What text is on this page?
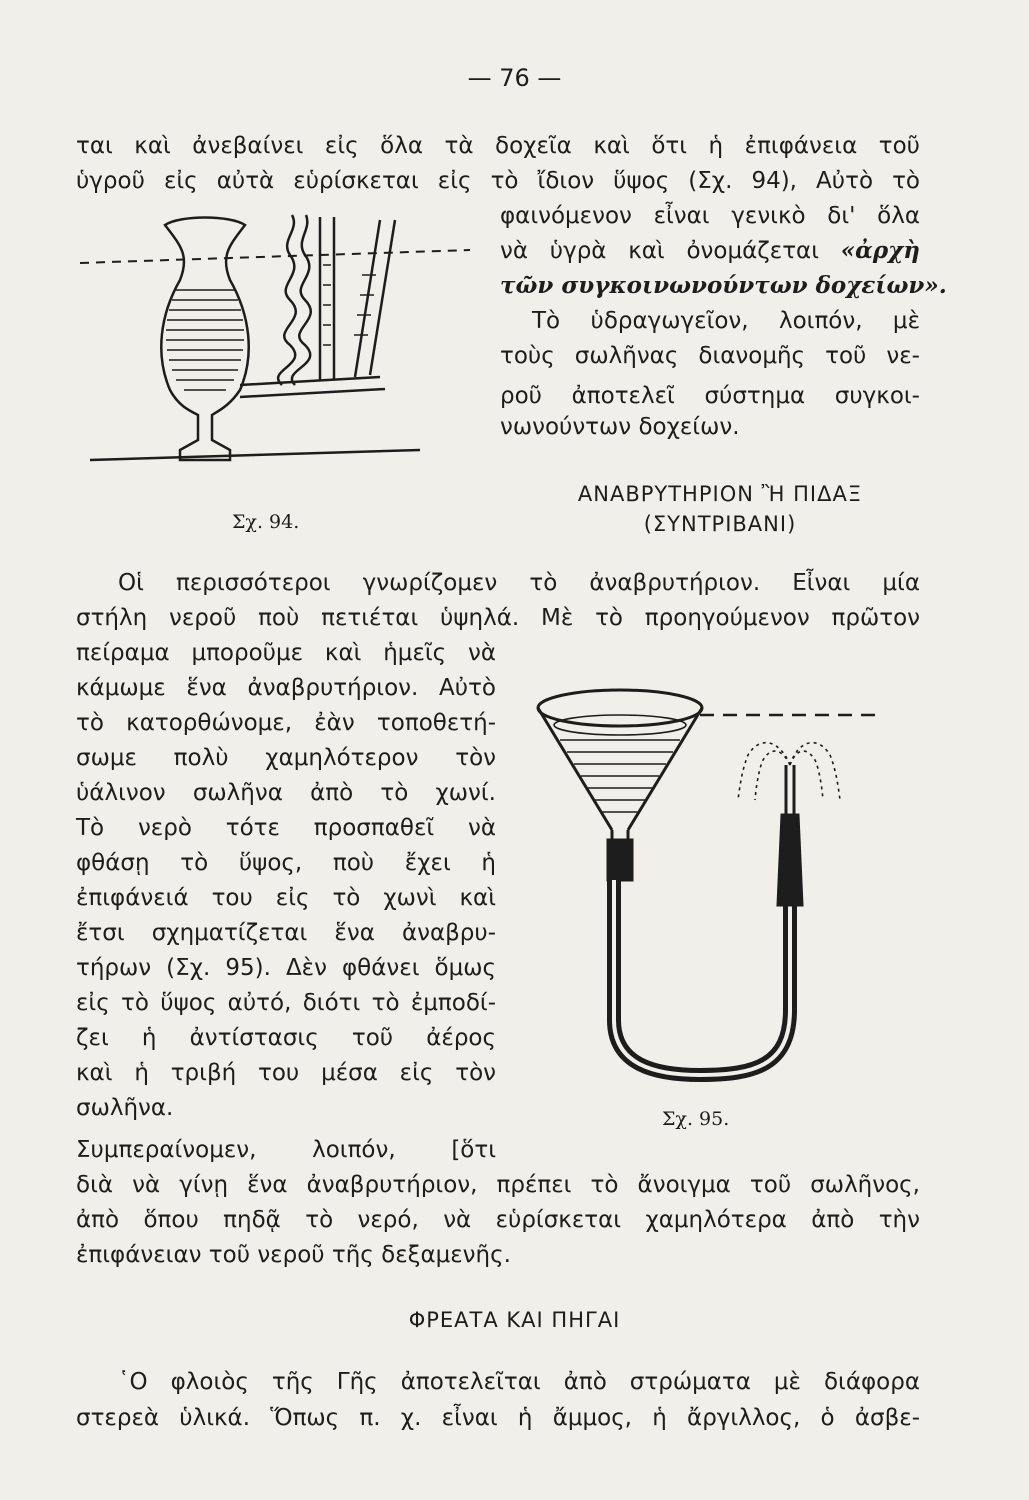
— 76 —
ται καὶ ἀνεβαίνει εἰς ὅλα τὰ δοχεῖα καὶ ὅτι ἡ ἐπιφάνεια τοῦ
ὑγροῦ εἰς αὐτὰ εὑρίσκεται εἰς τὸ ἴδιον ὕψος (Σχ. 94), Αὐτὸ τὸ
φαινόμενον εἶναι γενικὸ δι' ὅλα
νὰ ὑγρὰ καὶ ὀνομάζεται «ἀρχὴ
τῶν συγκοινωνούντων δοχείων».
Τὸ ὑδραγωγεῖον, λοιπόν, μὲ
τοὺς σωλῆνας διανομῆς τοῦ νε-
ροῦ ἀποτελεῖ σύστημα συγκοι-
νωνούντων δοχείων.
Σχ. 94.
ΑΝΑΒΡΥΤΗΡΙΟΝ Ἢ ΠΙΔΑΞ
(ΣΥΝΤΡΙΒΑΝΙ)
Οἱ περισσότεροι γνωρίζομεν τὸ ἀναβρυτήριον. Εἶναι μία
στήλη νεροῦ ποὺ πετιέται ὑψηλά. Μὲ τὸ προηγούμενον πρῶτον
πείραμα μποροῦμε καὶ ἡμεῖς νὰ
κάμωμε ἕνα ἀναβρυτήριον. Αὐτὸ
τὸ κατορθώνομε, ἐὰν τοποθετή-
σωμε πολὺ χαμηλότερον τὸν
ὑάλινον σωλῆνα ἀπὸ τὸ χωνί.
Τὸ νερὸ τότε προσπαθεῖ νὰ
φθάσῃ τὸ ὕψος, ποὺ ἔχει ἡ
ἐπιφάνειά του εἰς τὸ χωνὶ καὶ
ἔτσι σχηματίζεται ἕνα ἀναβρυ-
τήρων (Σχ. 95). Δὲν φθάνει ὅμως
εἰς τὸ ὕψος αὐτό, διότι τὸ ἐμποδί-
ζει ἡ ἀντίστασις τοῦ ἀέρος
καὶ ἡ τριβή του μέσα εἰς τὸν
σωλῆνα.	Σχ. 95.
Συμπεραίνομεν, λοιπόν, [ὅτι
διὰ νὰ γίνῃ ἕνα ἀναβρυτήριον, πρέπει τὸ ἄνοιγμα τοῦ σωλῆνος,
ἀπὸ ὅπου πηδᾷ τὸ νερό, νὰ εὑρίσκεται χαμηλότερα ἀπὸ τὴν
ἐπιφάνειαν τοῦ νεροῦ τῆς δεξαμενῆς.
ΦΡΕΑΤΑ ΚΑΙ ΠΗΓΑΙ
῾Ο φλοιὸς τῆς Γῆς ἀποτελεῖται ἀπὸ στρώματα μὲ διάφορα
στερεὰ ὑλικά. Ὅπως π. χ. εἶναι ἡ ἄμμος, ἡ ἄργιλλος, ὁ ἀσβε-
